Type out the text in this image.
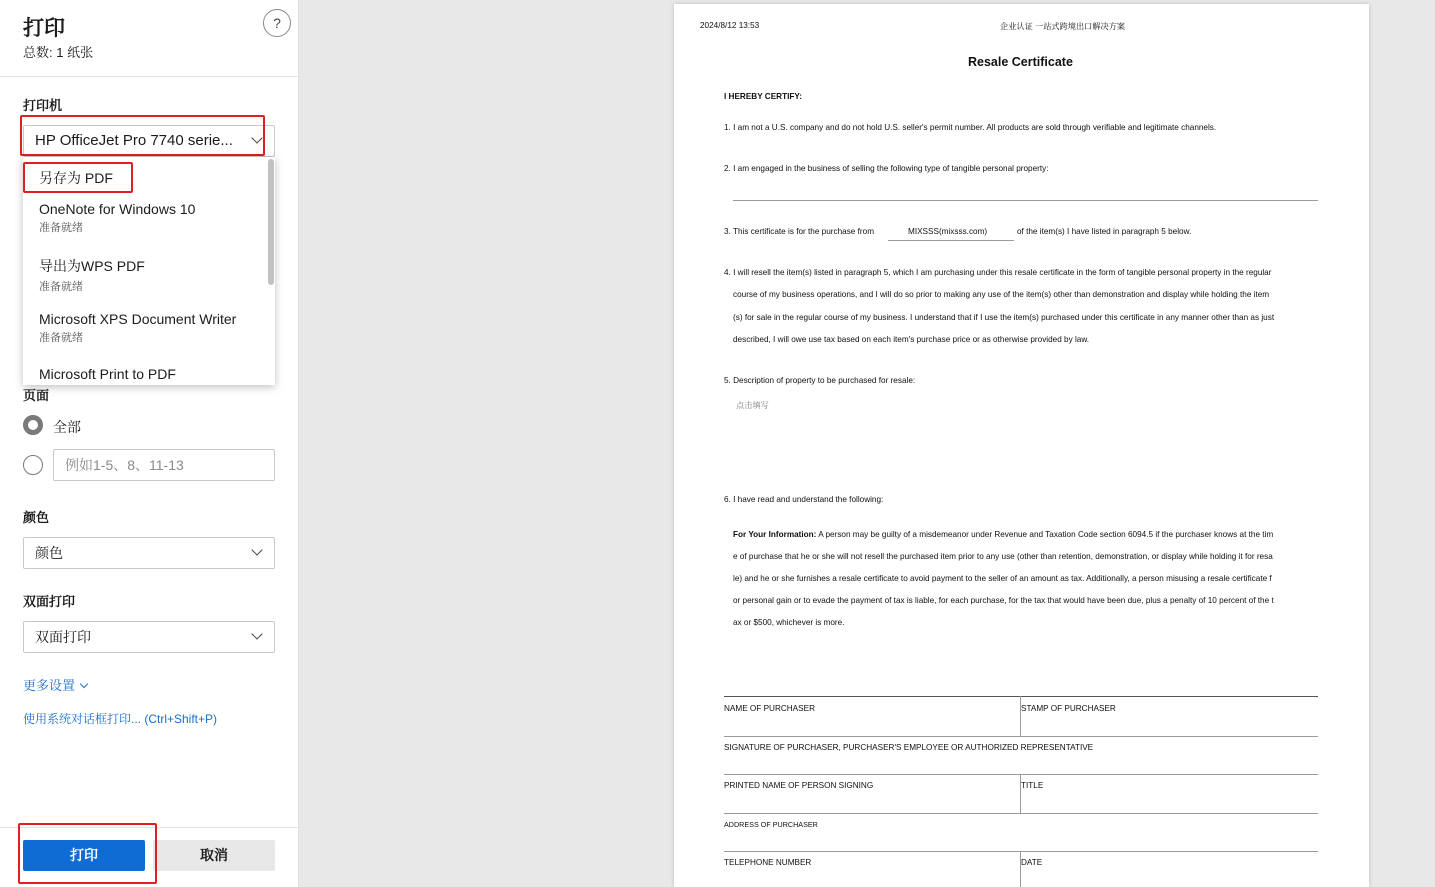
打印
总数: 1 纸张
?
打印机
HP OfficeJet Pro 7740 serie...
另存为 PDF
OneNote for Windows 10
准备就绪
导出为WPS PDF
准备就绪
Microsoft XPS Document Writer
准备就绪
Microsoft Print to PDF
页面
全部
例如1-5、8、11-13
颜色
颜色
双面打印
双面打印
更多设置
使用系统对话框打印... (Ctrl+Shift+P)
打印	取消
2024/8/12 13:53	企业认证 一站式跨境出口解决方案
Resale Certificate
I HEREBY CERTIFY:
1. I am not a U.S. company and do not hold U.S. seller's permit number. All products are sold through verifiable and legitimate channels.
2. I am engaged in the business of selling the following type of tangible personal property:
3. This certificate is for the purchase from	MIXSSS(mixsss.com)	of the item(s) I have listed in paragraph 5 below.
4. I will resell the item(s) listed in paragraph 5, which I am purchasing under this resale certificate in the form of tangible personal property in the regular
course of my business operations, and I will do so prior to making any use of the item(s) other than demonstration and display while holding the item
(s) for sale in the regular course of my business. I understand that if I use the item(s) purchased under this certificate in any manner other than as just
described, I will owe use tax based on each item's purchase price or as otherwise provided by law.
5. Description of property to be purchased for resale:
点击填写
6. I have read and understand the following:
For Your Information: A person may be guilty of a misdemeanor under Revenue and Taxation Code section 6094.5 if the purchaser knows at the tim
e of purchase that he or she will not resell the purchased item prior to any use (other than retention, demonstration, or display while holding it for resa
le) and he or she furnishes a resale certificate to avoid payment to the seller of an amount as tax. Additionally, a person misusing a resale certificate f
or personal gain or to evade the payment of tax is liable, for each purchase, for the tax that would have been due, plus a penalty of 10 percent of the t
ax or $500, whichever is more.
NAME OF PURCHASER	STAMP OF PURCHASER
SIGNATURE OF PURCHASER, PURCHASER'S EMPLOYEE OR AUTHORIZED REPRESENTATIVE
PRINTED NAME OF PERSON SIGNING	TITLE
ADDRESS OF PURCHASER
TELEPHONE NUMBER	DATE
